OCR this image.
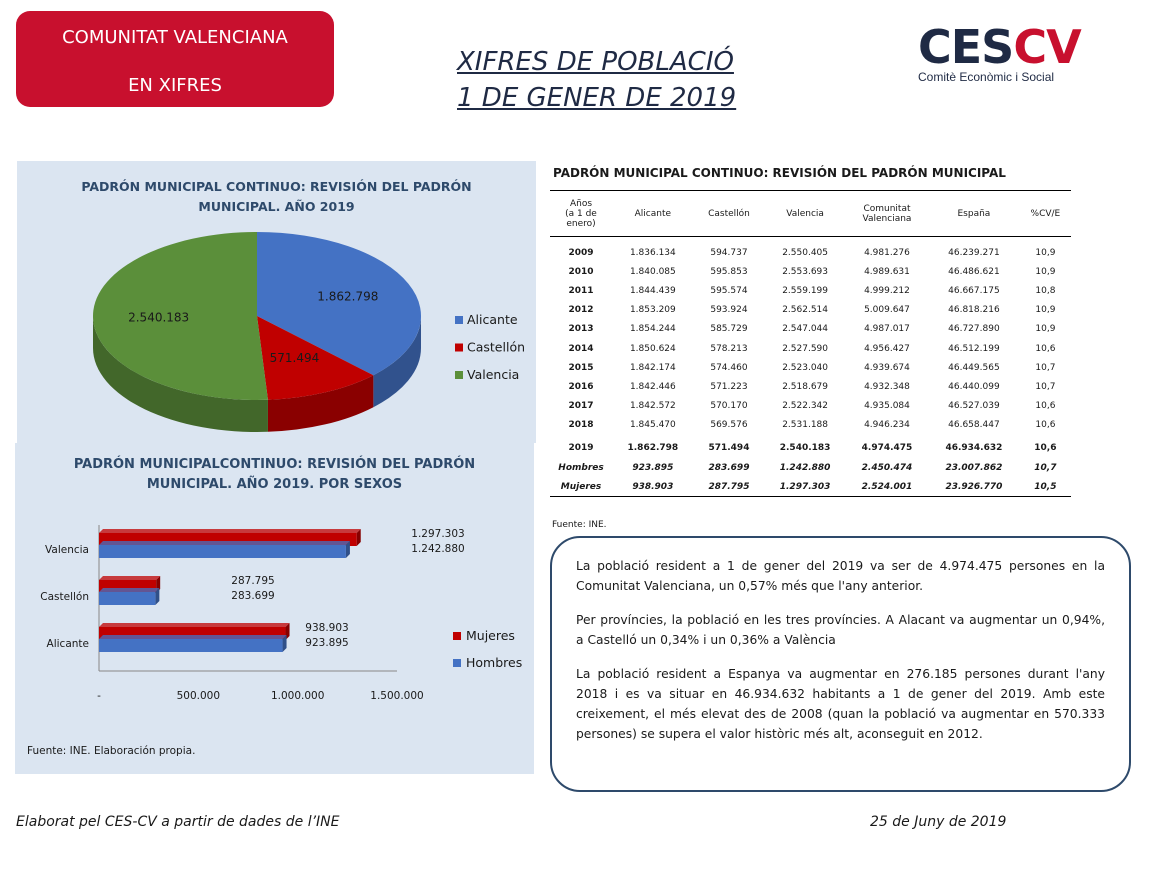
COMUNITAT VALENCIANA
EN XIFRES
XIFRES DE POBLACIÓ
1 DE GENER DE 2019
CESCV
Comitè Econòmic i Social
PADRÓN MUNICIPAL CONTINUO: REVISIÓN DEL PADRÓN
MUNICIPAL. AÑO 2019
1.862.798
571.494
2.540.183	Alicante
Castellón
Valencia
PADRÓN MUNICIPALCONTINUO: REVISIÓN DEL PADRÓN
MUNICIPAL. AÑO 2019. POR SEXOS
-	500.000	1.000.000	1.500.000
Valencia
1.297.303
1.242.880
Castellón
287.795
283.699
Alicante
938.903
923.895	Mujeres
Hombres
Fuente: INE. Elaboración propia.
PADRÓN MUNICIPAL CONTINUO: REVISIÓN DEL PADRÓN MUNICIPAL
Años
(a 1 de enero)	Alicante	Castellón	Valencia	Comunitat
Valenciana	España	%CV/E

2009	1.836.134	594.737	2.550.405	4.981.276	46.239.271	10,9
2010	1.840.085	595.853	2.553.693	4.989.631	46.486.621	10,9
2011	1.844.439	595.574	2.559.199	4.999.212	46.667.175	10,8
2012	1.853.209	593.924	2.562.514	5.009.647	46.818.216	10,9
2013	1.854.244	585.729	2.547.044	4.987.017	46.727.890	10,9
2014	1.850.624	578.213	2.527.590	4.956.427	46.512.199	10,6
2015	1.842.174	574.460	2.523.040	4.939.674	46.449.565	10,7
2016	1.842.446	571.223	2.518.679	4.932.348	46.440.099	10,7
2017	1.842.572	570.170	2.522.342	4.935.084	46.527.039	10,6
2018	1.845.470	569.576	2.531.188	4.946.234	46.658.447	10,6

2019	1.862.798	571.494	2.540.183	4.974.475	46.934.632	10,6
Hombres	923.895	283.699	1.242.880	2.450.474	23.007.862	10,7
Mujeres	938.903	287.795	1.297.303	2.524.001	23.926.770	10,5

Fuente: INE.

La població resident a 1 de gener del 2019 va ser de 4.974.475 persones en la Comunitat Valenciana, un 0,57% més que l'any anterior.

Per províncies, la població en les tres províncies. A Alacant va augmentar un 0,94%, a Castelló un 0,34% i un 0,36% a València

La població resident a Espanya va augmentar en 276.185 persones durant l'any 2018 i es va situar en 46.934.632 habitants a 1 de gener del 2019. Amb este creixement, el més elevat des de 2008 (quan la població va augmentar en 570.333 persones) se supera el valor històric més alt, aconseguit en 2012.

Elaborat pel CES-CV a partir de dades de l’INE	25 de Juny de 2019
